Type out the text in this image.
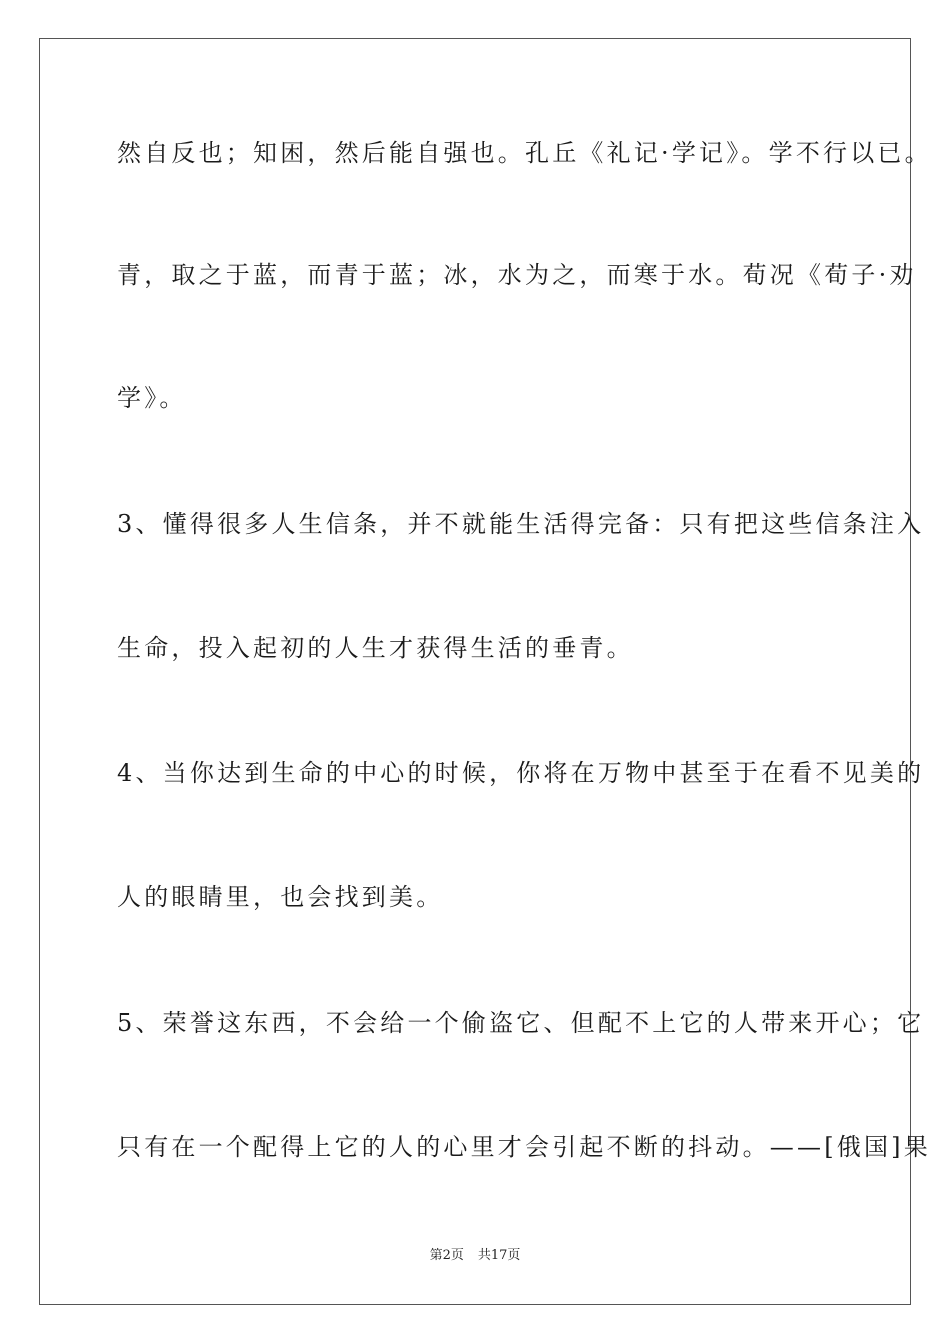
然自反也；知困，然后能自强也。孔丘《礼记·学记》。学不行以已。
青，取之于蓝，而青于蓝；冰，水为之，而寒于水。荀况《荀子·劝
学》。
3、懂得很多人生信条，并不就能生活得完备：只有把这些信条注入
生命，投入起初的人生才获得生活的垂青。
4、当你达到生命的中心的时候，你将在万物中甚至于在看不见美的
人的眼睛里，也会找到美。
5、荣誉这东西，不会给一个偷盗它、但配不上它的人带来开心；它
只有在一个配得上它的人的心里才会引起不断的抖动。——[俄国]果
第2页 共17页
